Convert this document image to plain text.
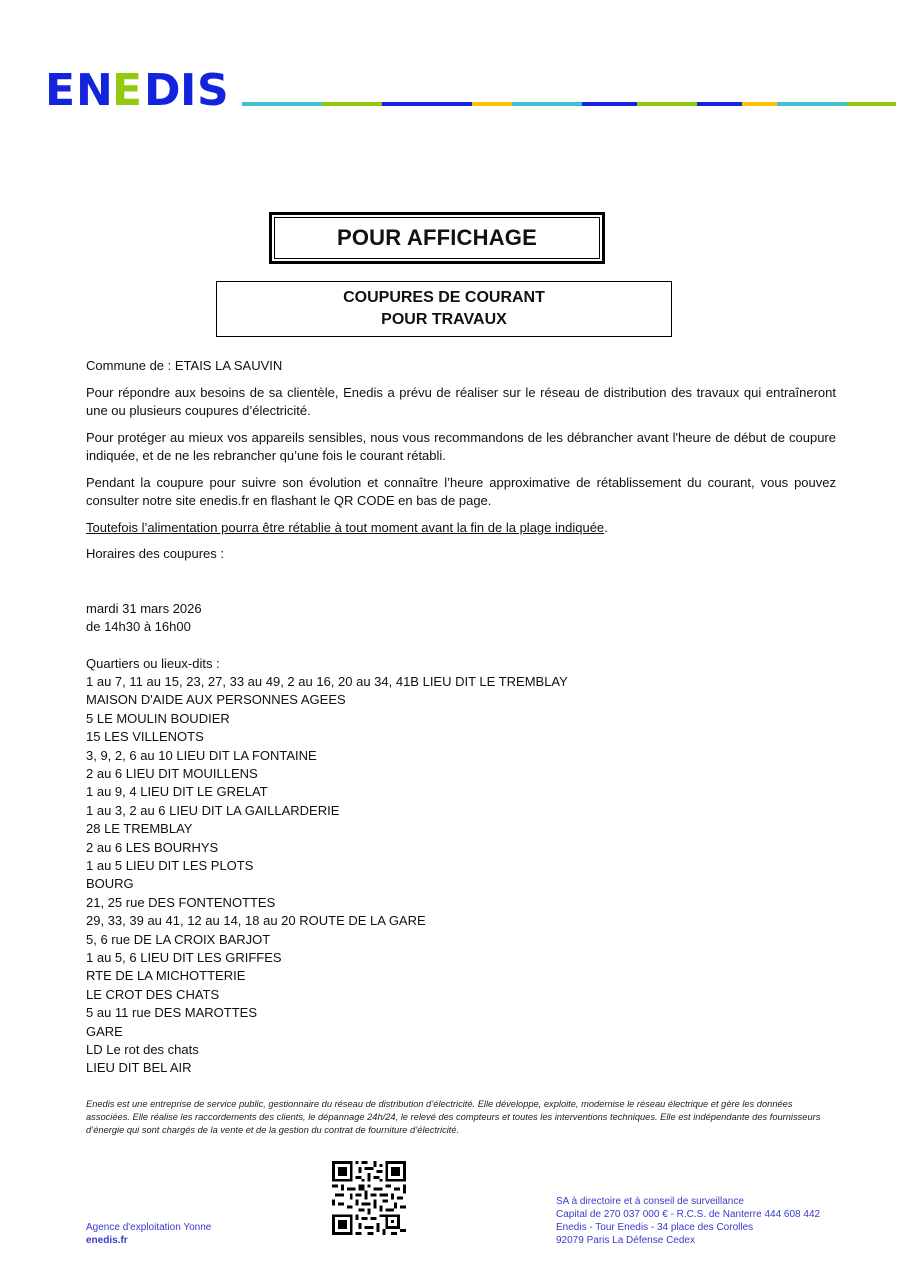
E N E D I S
POUR AFFICHAGE
COUPURES DE COURANT
POUR TRAVAUX

Commune de : ETAIS LA SAUVIN

Pour répondre aux besoins de sa clientèle, Enedis a prévu de réaliser sur le réseau de distribution des travaux qui entraîneront une ou plusieurs coupures d’électricité.

Pour protéger au mieux vos appareils sensibles, nous vous recommandons de les débrancher avant l'heure de début de coupure indiquée, et de ne les rebrancher qu’une fois le courant rétabli.

Pendant la coupure pour suivre son évolution et connaître l’heure approximative de rétablissement du courant, vous pouvez consulter notre site enedis.fr en flashant le QR CODE en bas de page.

Toutefois l’alimentation pourra être rétablie à tout moment avant la fin de la plage indiquée.

Horaires des coupures :

mardi 31 mars 2026
de 14h30 à 16h00
Quartiers ou lieux-dits :
1 au 7, 11 au 15, 23, 27, 33 au 49, 2 au 16, 20 au 34, 41B LIEU DIT LE TREMBLAY
MAISON D'AIDE AUX PERSONNES AGEES
5 LE MOULIN BOUDIER
15 LES VILLENOTS
3, 9, 2, 6 au 10 LIEU DIT LA FONTAINE
2 au 6 LIEU DIT MOUILLENS
1 au 9, 4 LIEU DIT LE GRELAT
1 au 3, 2 au 6 LIEU DIT LA GAILLARDERIE
28 LE TREMBLAY
2 au 6 LES BOURHYS
1 au 5 LIEU DIT LES PLOTS
BOURG
21, 25 rue DES FONTENOTTES
29, 33, 39 au 41, 12 au 14, 18 au 20 ROUTE DE LA GARE
5, 6 rue DE LA CROIX BARJOT
1 au 5, 6 LIEU DIT LES GRIFFES
RTE DE LA MICHOTTERIE
LE CROT DES CHATS
5 au 11 rue DES MAROTTES
GARE
LD Le rot des chats
LIEU DIT BEL AIR
Enedis est une entreprise de service public, gestionnaire du réseau de distribution d’électricité. Elle développe, exploite, modernise le réseau électrique et gère les données associées. Elle réalise les raccordements des clients, le dépannage 24h/24, le relevé des compteurs et toutes les interventions techniques. Elle est indépendante des fournisseurs d’énergie qui sont chargés de la vente et de la gestion du contrat de fourniture d’électricité.
Agence d'exploitation Yonne
enedis.fr
SA à directoire et à conseil de surveillance
Capital de 270 037 000 € - R.C.S. de Nanterre 444 608 442
Enedis - Tour Enedis - 34 place des Corolles
92079 Paris La Défense Cedex
